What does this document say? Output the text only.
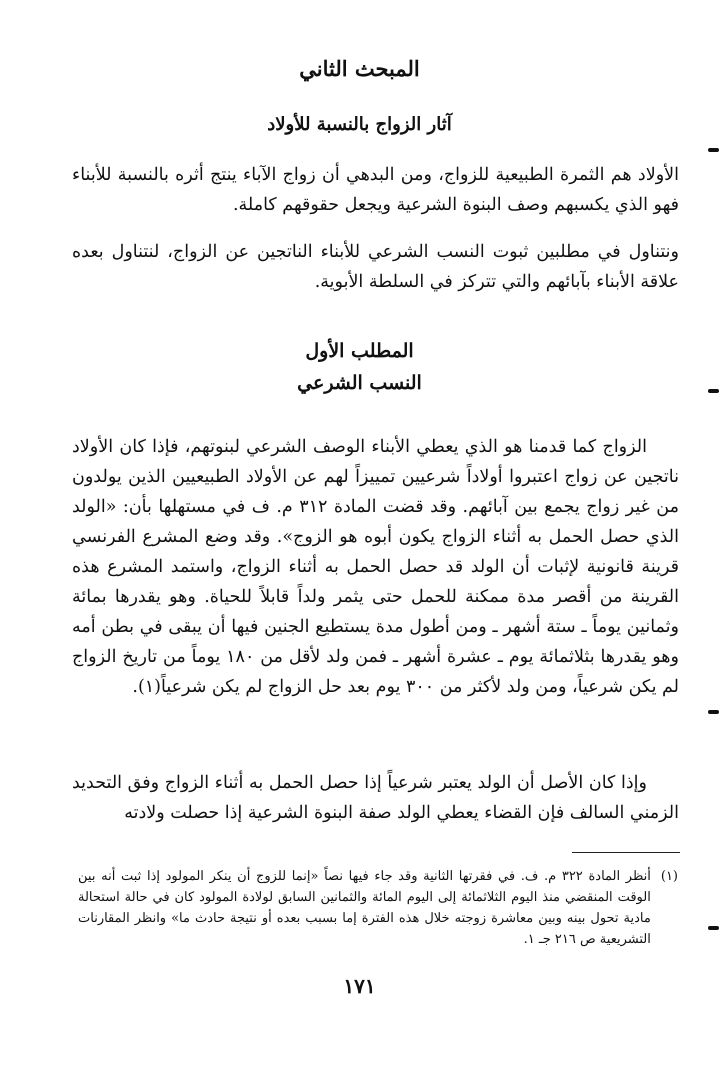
المبحث الثاني
آثار الزواج بالنسبة للأولاد

الأولاد هم الثمرة الطبيعية للزواج، ومن البدهي أن زواج الآباء ينتج أثره بالنسبة للأبناء فهو الذي يكسبهم وصف البنوة الشرعية ويجعل حقوقهم كاملة.

ونتناول في مطلبين ثبوت النسب الشرعي للأبناء الناتجين عن الزواج، لنتناول بعده علاقة الأبناء بآبائهم والتي تتركز في السلطة الأبوية.

المطلب الأول
النسب الشرعي

الزواج كما قدمنا هو الذي يعطي الأبناء الوصف الشرعي لبنوتهم، فإذا كان الأولاد ناتجين عن زواج اعتبروا أولاداً شرعيين تمييزاً لهم عن الأولاد الطبيعيين الذين يولدون من غير زواج يجمع بين آبائهم. وقد قضت المادة ٣١٢ م. ف في مستهلها بأن: «الولد الذي حصل الحمل به أثناء الزواج يكون أبوه هو الزوج». وقد وضع المشرع الفرنسي قرينة قانونية لإثبات أن الولد قد حصل الحمل به أثناء الزواج، واستمد المشرع هذه القرينة من أقصر مدة ممكنة للحمل حتى يثمر ولداً قابلاً للحياة. وهو يقدرها بمائة وثمانين يوماً ـ ستة أشهر ـ ومن أطول مدة يستطيع الجنين فيها أن يبقى في بطن أمه وهو يقدرها بثلاثمائة يوم ـ عشرة أشهر ـ فمن ولد لأقل من ١٨٠ يوماً من تاريخ الزواج لم يكن شرعياً، ومن ولد لأكثر من ٣٠٠ يوم بعد حل الزواج لم يكن شرعياً(١).

وإذا كان الأصل أن الولد يعتبر شرعياً إذا حصل الحمل به أثناء الزواج وفق التحديد الزمني السالف فإن القضاء يعطي الولد صفة البنوة الشرعية إذا حصلت ولادته

(١)
أنظر المادة ٣٢٢ م. ف. في فقرتها الثانية وقد جاء فيها نصاً «إنما للزوج أن ينكر المولود إذا ثبت أنه بين الوقت المنقضي منذ اليوم الثلاثمائة إلى اليوم المائة والثمانين السابق لولادة المولود كان في حالة استحالة مادية تحول بينه وبين معاشرة زوجته خلال هذه الفترة إما بسبب بعده أو نتيجة حادث ما» وانظر المقارنات التشريعية ص ٢١٦ جـ ١.
١٧١
